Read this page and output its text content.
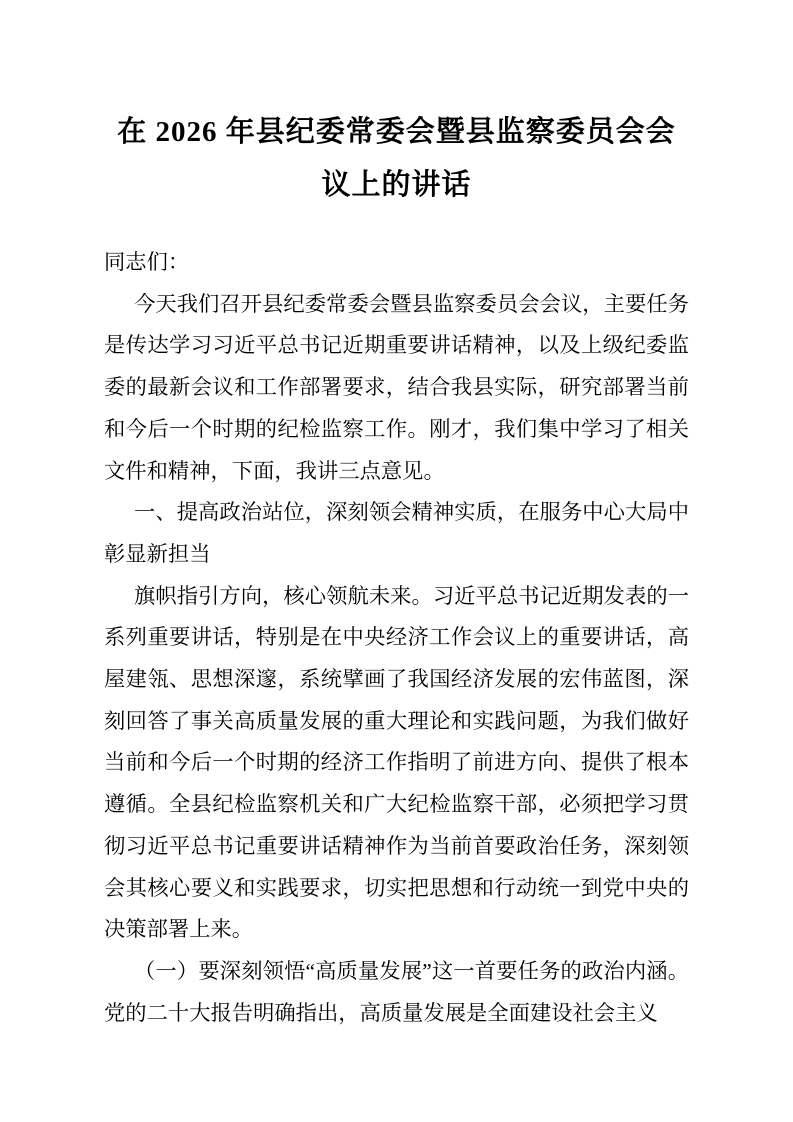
在 2026 年县纪委常委会暨县监察委员会会
议上的讲话

同志们：

今天我们召开县纪委常委会暨县监察委员会会议，主要任务是传达学习习近平总书记近期重要讲话精神，以及上级纪委监委的最新会议和工作部署要求，结合我县实际，研究部署当前和今后一个时期的纪检监察工作。刚才，我们集中学习了相关文件和精神，下面，我讲三点意见。

一、提高政治站位，深刻领会精神实质，在服务中心大局中彰显新担当

旗帜指引方向，核心领航未来。习近平总书记近期发表的一系列重要讲话，特别是在中央经济工作会议上的重要讲话，高屋建瓴、思想深邃，系统擘画了我国经济发展的宏伟蓝图，深刻回答了事关高质量发展的重大理论和实践问题，为我们做好当前和今后一个时期的经济工作指明了前进方向、提供了根本遵循。全县纪检监察机关和广大纪检监察干部，必须把学习贯彻习近平总书记重要讲话精神作为当前首要政治任务，深刻领会其核心要义和实践要求，切实把思想和行动统一到党中央的决策部署上来。

（一）要深刻领悟“高质量发展”这一首要任务的政治内涵。党的二十大报告明确指出，高质量发展是全面建设社会主义
